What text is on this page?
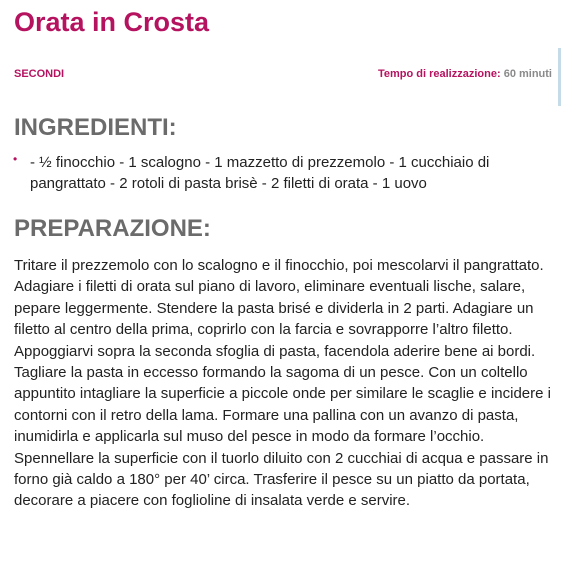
Orata in Crosta
SECONDI	Tempo di realizzazione: 60 minuti
INGREDIENTI:
• - ½ finocchio - 1 scalogno - 1 mazzetto di prezzemolo - 1 cucchiaio di pangrattato - 2 rotoli di pasta brisè - 2 filetti di orata - 1 uovo
PREPARAZIONE:
Tritare il prezzemolo con lo scalogno e il finocchio, poi mescolarvi il pangrattato. Adagiare i filetti di orata sul piano di lavoro, eliminare eventuali lische, salare, pepare leggermente. Stendere la pasta brisé e dividerla in 2 parti. Adagiare un filetto al centro della prima, coprirlo con la farcia e sovrapporre l’altro filetto. Appoggiarvi sopra la seconda sfoglia di pasta, facendola aderire bene ai bordi. Tagliare la pasta in eccesso formando la sagoma di un pesce. Con un coltello appuntito intagliare la superficie a piccole onde per similare le scaglie e incidere i contorni con il retro della lama. Formare una pallina con un avanzo di pasta, inumidirla e applicarla sul muso del pesce in modo da formare l’occhio. Spennellare la superficie con il tuorlo diluito con 2 cucchiai di acqua e passare in forno già caldo a 180° per 40’ circa. Trasferire il pesce su un piatto da portata, decorare a piacere con foglioline di insalata verde e servire.
